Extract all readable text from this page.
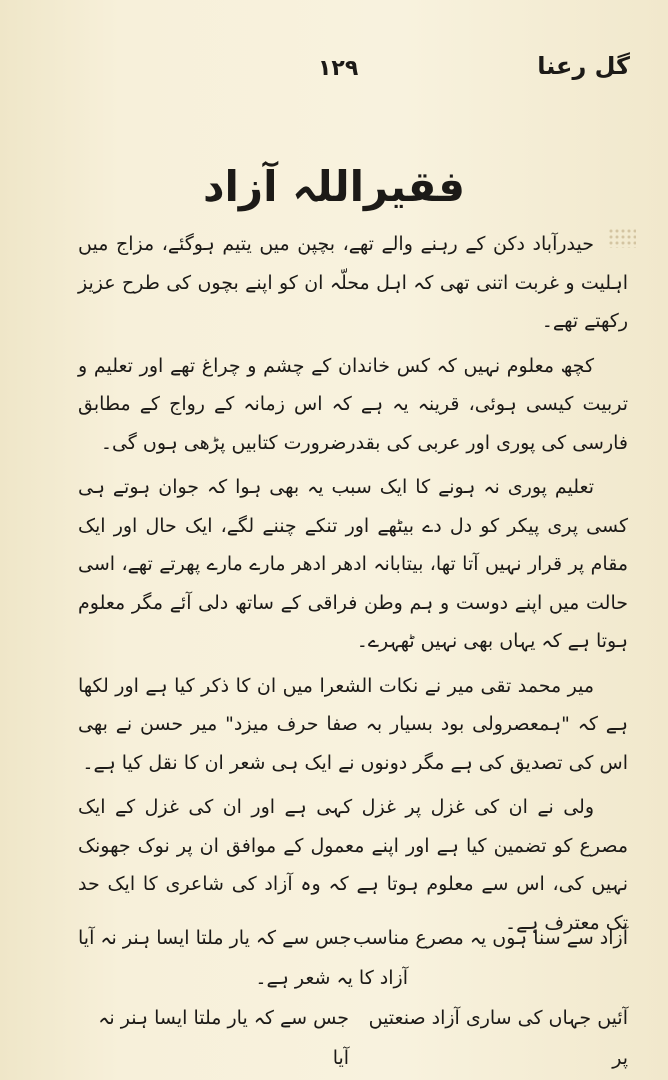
۱۲۹	گل رعنا
فقیراللہ آزاد

حیدرآباد دکن کے رہنے والے تھے، بچپن میں یتیم ہوگئے، مزاج میں اہلیت و غربت اتنی تھی کہ اہل محلّہ ان کو اپنے بچوں کی طرح عزیز رکھتے تھے۔

کچھ معلوم نہیں کہ کس خاندان کے چشم و چراغ تھے اور تعلیم و تربیت کیسی ہوئی، قرینہ یہ ہے کہ اس زمانہ کے رواج کے مطابق فارسی کی پوری اور عربی کی بقدرضرورت کتابیں پڑھی ہوں گی۔

تعلیم پوری نہ ہونے کا ایک سبب یہ بھی ہوا کہ جوان ہوتے ہی کسی پری پیکر کو دل دے بیٹھے اور تنکے چننے لگے، ایک حال اور ایک مقام پر قرار نہیں آتا تھا، بیتابانہ ادھر ادھر مارے مارے پھرتے تھے، اسی حالت میں اپنے دوست و ہم وطن فراقی کے ساتھ دلی آئے مگر معلوم ہوتا ہے کہ یہاں بھی نہیں ٹھہرے۔

میر محمد تقی میر نے نکات الشعرا میں ان کا ذکر کیا ہے اور لکھا ہے کہ "ہمعصرولی بود بسیار بہ صفا حرف میزد" میر حسن نے بھی اس کی تصدیق کی ہے مگر دونوں نے ایک ہی شعر ان کا نقل کیا ہے۔

ولی نے ان کی غزل پر غزل کہی ہے اور ان کی غزل کے ایک مصرع کو تضمین کیا ہے اور اپنے معمول کے موافق ان پر نوک جھونک نہیں کی، اس سے معلوم ہوتا ہے کہ وہ آزاد کی شاعری کا ایک حد تک معترف ہے۔

آزاد سے سنا ہوں یہ مصرع مناسب
جس سے کہ یار ملتا ایسا ہنر نہ آیا
آزاد کا یہ شعر ہے۔
آئیں جہاں کی ساری آزاد صنعتیں پر
جس سے کہ یار ملتا ایسا ہنر نہ آیا
